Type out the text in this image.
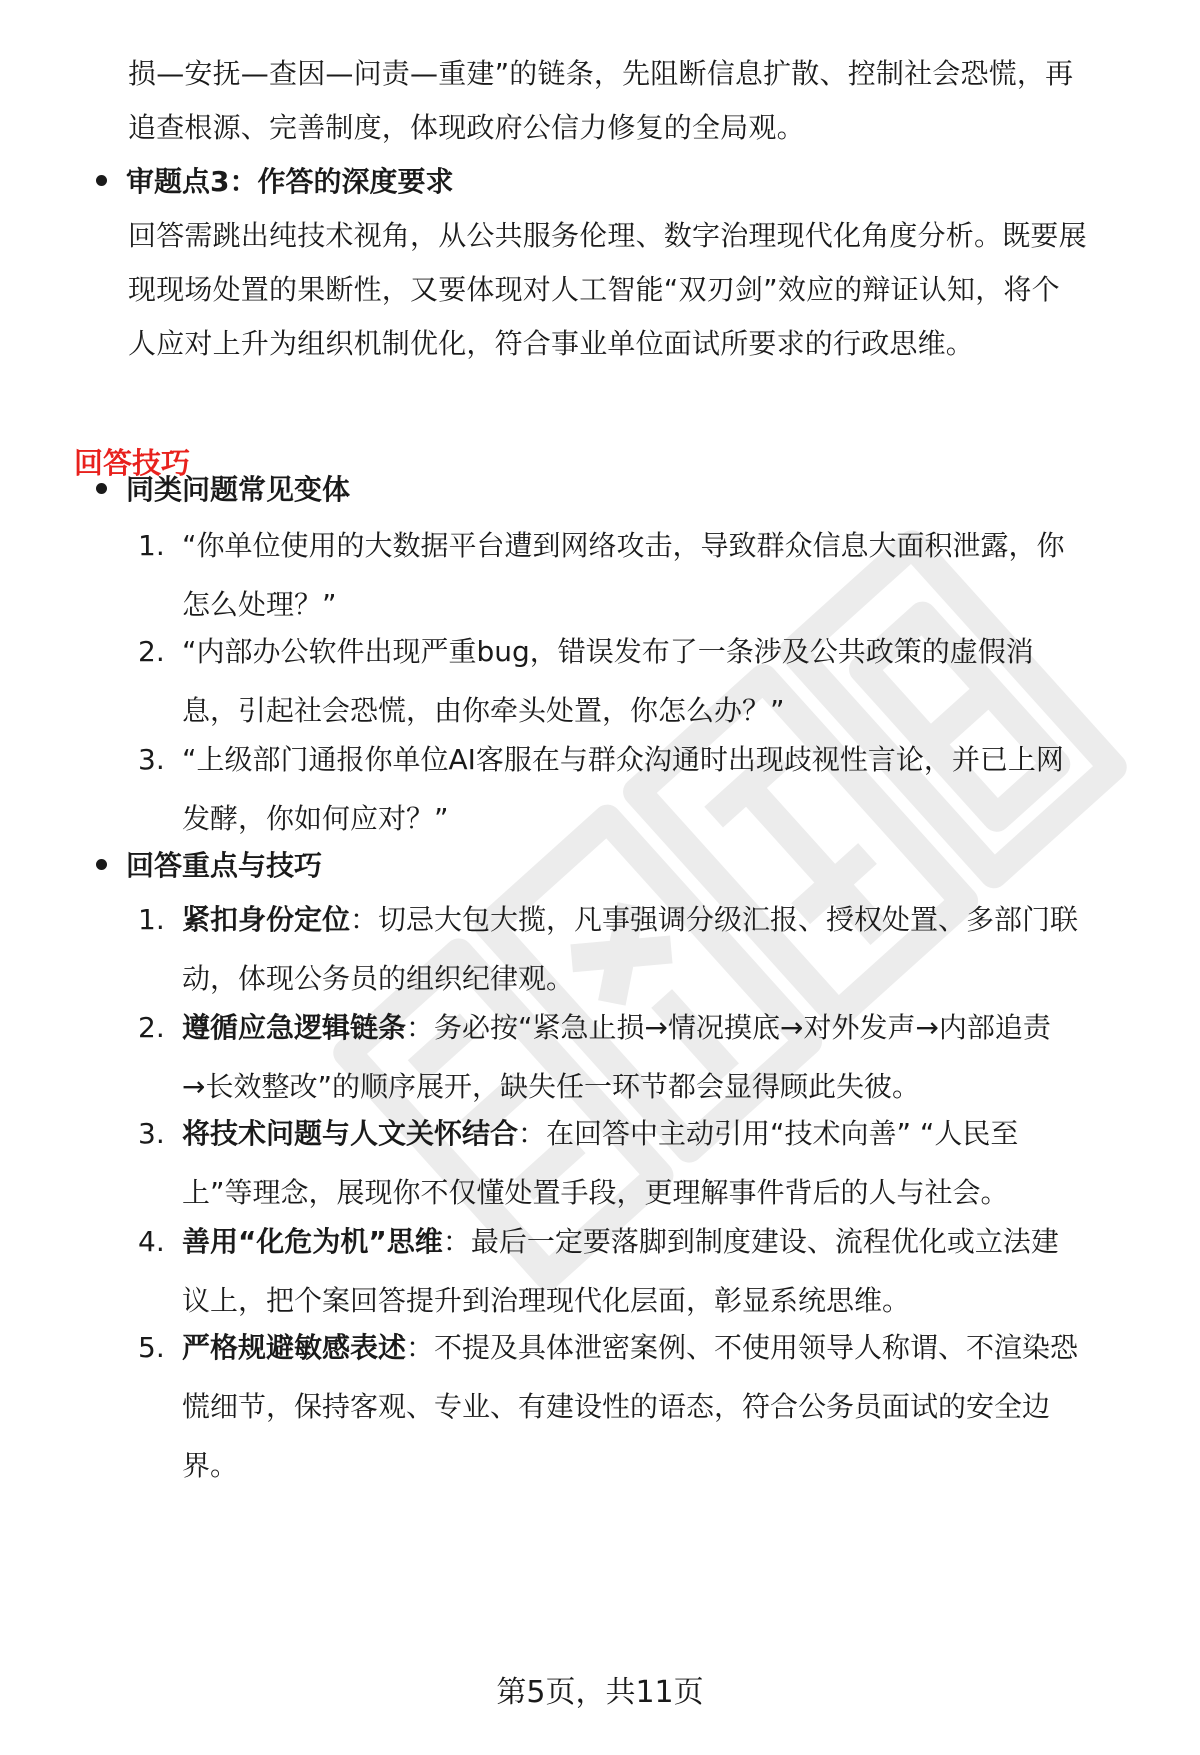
损—安抚—查因—问责—重建”的链条，先阻断信息扩散、控制社会恐慌，再
追查根源、完善制度，体现政府公信力修复的全局观。
审题点3：作答的深度要求
回答需跳出纯技术视角，从公共服务伦理、数字治理现代化角度分析。既要展
现现场处置的果断性，又要体现对人工智能“双刃剑”效应的辩证认知，将个
人应对上升为组织机制优化，符合事业单位面试所要求的行政思维。
回答技巧
同类问题常见变体
1. “你单位使用的大数据平台遭到网络攻击，导致群众信息大面积泄露，你
怎么处理？”
2. “内部办公软件出现严重bug，错误发布了一条涉及公共政策的虚假消
息，引起社会恐慌，由你牵头处置，你怎么办？”
3. “上级部门通报你单位AI客服在与群众沟通时出现歧视性言论，并已上网
发酵，你如何应对？”
回答重点与技巧
1. 紧扣身份定位：切忌大包大揽，凡事强调分级汇报、授权处置、多部门联
动，体现公务员的组织纪律观。
2. 遵循应急逻辑链条：务必按“紧急止损→情况摸底→对外发声→内部追责
→长效整改”的顺序展开，缺失任一环节都会显得顾此失彼。
3. 将技术问题与人文关怀结合：在回答中主动引用“技术向善” “人民至
上”等理念，展现你不仅懂处置手段，更理解事件背后的人与社会。
4. 善用“化危为机”思维：最后一定要落脚到制度建设、流程优化或立法建
议上，把个案回答提升到治理现代化层面，彰显系统思维。
5. 严格规避敏感表述：不提及具体泄密案例、不使用领导人称谓、不渲染恐
慌细节，保持客观、专业、有建设性的语态，符合公务员面试的安全边
界。
第5页，共11页
